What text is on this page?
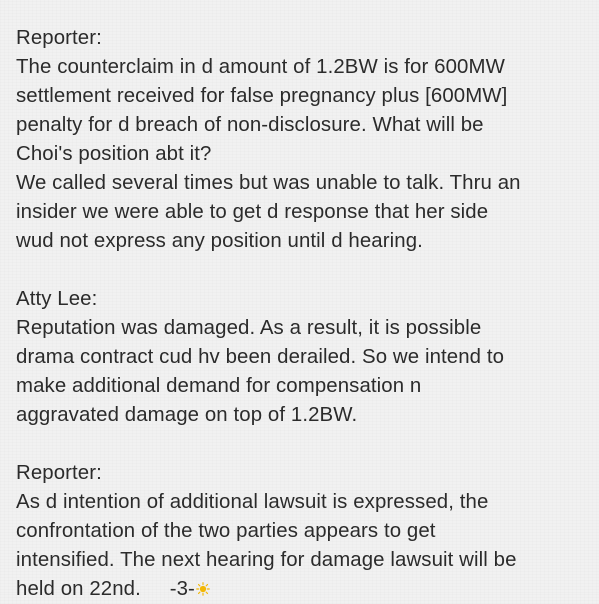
Reporter:
The counterclaim in d amount of 1.2BW is for 600MW
settlement received for false pregnancy plus [600MW]
penalty for d breach of non-disclosure. What will be
Choi's position abt it?
We called several times but was unable to talk. Thru an
insider we were able to get d response that her side
wud not express any position until d hearing.
Atty Lee:
Reputation was damaged. As a result, it is possible
drama contract cud hv been derailed. So we intend to
make additional demand for compensation n
aggravated damage on top of 1.2BW.
Reporter:
As d intention of additional lawsuit is expressed, the
confrontation of the two parties appears to get
intensified. The next hearing for damage lawsuit will be
held on 22nd.     -3-
